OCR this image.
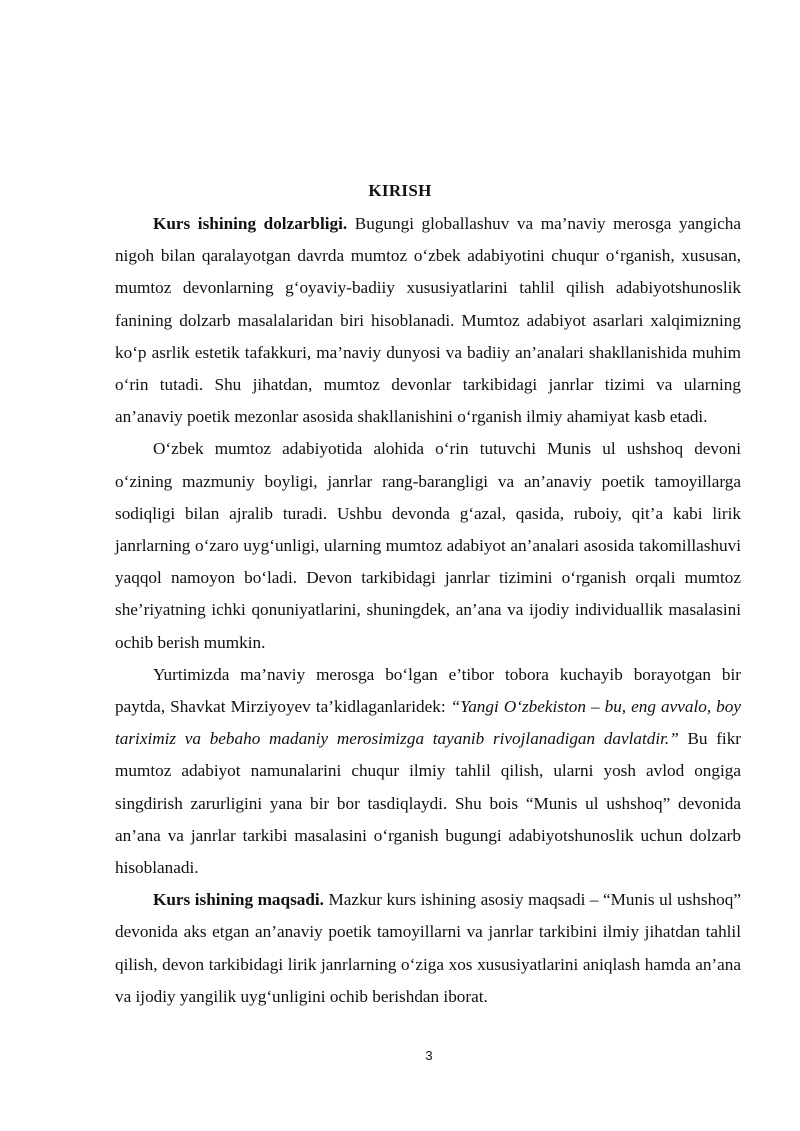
KIRISH

Kurs ishining dolzarbligi. Bugungi globallashuv va ma’naviy merosga yangicha nigoh bilan qaralayotgan davrda mumtoz o‘zbek adabiyotini chuqur o‘rganish, xususan, mumtoz devonlarning g‘oyaviy-badiiy xususiyatlarini tahlil qilish adabiyotshunoslik fanining dolzarb masalalaridan biri hisoblanadi. Mumtoz adabiyot asarlari xalqimizning ko‘p asrlik estetik tafakkuri, ma’naviy dunyosi va badiiy an’analari shakllanishida muhim o‘rin tutadi. Shu jihatdan, mumtoz devonlar tarkibidagi janrlar tizimi va ularning an’anaviy poetik mezonlar asosida shakllanishini o‘rganish ilmiy ahamiyat kasb etadi.

O‘zbek mumtoz adabiyotida alohida o‘rin tutuvchi Munis ul ushshoq devoni o‘zining mazmuniy boyligi, janrlar rang-barangligi va an’anaviy poetik tamoyillarga sodiqligi bilan ajralib turadi. Ushbu devonda g‘azal, qasida, ruboiy, qit’a kabi lirik janrlarning o‘zaro uyg‘unligi, ularning mumtoz adabiyot an’analari asosida takomillashuvi yaqqol namoyon bo‘ladi. Devon tarkibidagi janrlar tizimini o‘rganish orqali mumtoz she’riyatning ichki qonuniyatlarini, shuningdek, an’ana va ijodiy individuallik masalasini ochib berish mumkin.

Yurtimizda ma’naviy merosga bo‘lgan e’tibor tobora kuchayib borayotgan bir paytda, Shavkat Mirziyoyev ta’kidlaganlaridek: “Yangi O‘zbekiston – bu, eng avvalo, boy tariximiz va bebaho madaniy merosimizga tayanib rivojlanadigan davlatdir.” Bu fikr mumtoz adabiyot namunalarini chuqur ilmiy tahlil qilish, ularni yosh avlod ongiga singdirish zarurligini yana bir bor tasdiqlaydi. Shu bois “Munis ul ushshoq” devonida an’ana va janrlar tarkibi masalasini o‘rganish bugungi adabiyotshunoslik uchun dolzarb hisoblanadi.

Kurs ishining maqsadi. Mazkur kurs ishining asosiy maqsadi – “Munis ul ushshoq” devonida aks etgan an’anaviy poetik tamoyillarni va janrlar tarkibini ilmiy jihatdan tahlil qilish, devon tarkibidagi lirik janrlarning o‘ziga xos xususiyatlarini aniqlash hamda an’ana va ijodiy yangilik uyg‘unligini ochib berishdan iborat.

3
